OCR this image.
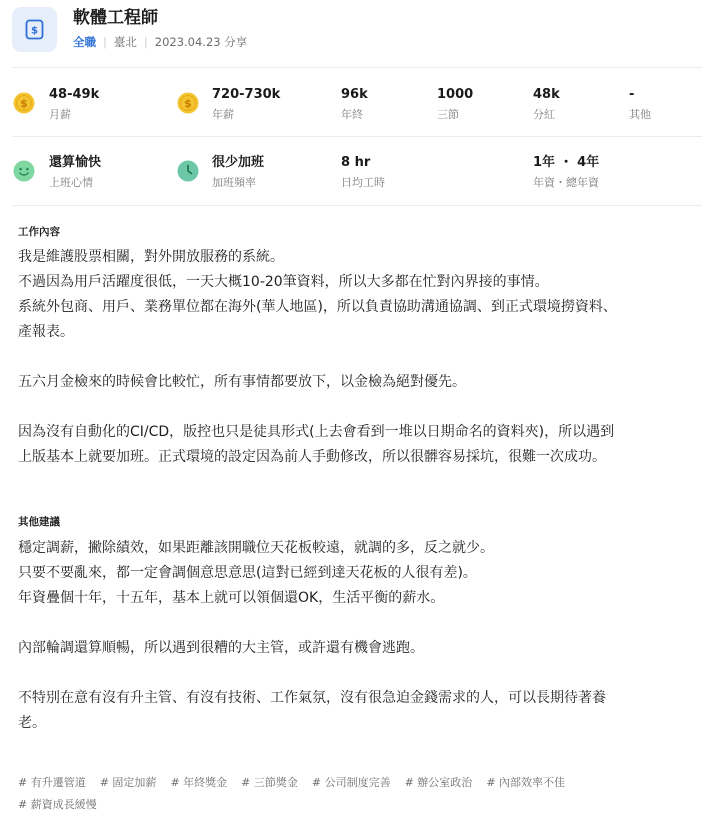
$
軟體工程師
全職 | 臺北 | 2023.04.23 分享
$
48-49k
月薪
$
720-730k
年薪
96k
年終
1000
三節
48k
分紅
-
其他
還算愉快
上班心情
很少加班
加班頻率
8 hr
日均工時
1年 ・ 4年
年資・總年資
工作內容
我是維護股票相關，對外開放服務的系統。
不過因為用戶活躍度很低，一天大概10-20筆資料，所以大多都在忙對內界接的事情。
系統外包商、用戶、業務單位都在海外(華人地區)，所以負責協助溝通協調、到正式環境撈資料、
產報表。
五六月金檢來的時候會比較忙，所有事情都要放下，以金檢為絕對優先。
因為沒有自動化的CI/CD，版控也只是徒具形式(上去會看到一堆以日期命名的資料夾)，所以遇到
上版基本上就要加班。正式環境的設定因為前人手動修改，所以很髒容易採坑，很難一次成功。
其他建議
穩定調薪，撇除績效，如果距離該開職位天花板較遠，就調的多，反之就少。
只要不要亂來，都一定會調個意思意思(這對已經到達天花板的人很有差)。
年資疊個十年，十五年，基本上就可以領個還OK，生活平衡的薪水。
內部輪調還算順暢，所以遇到很糟的大主管，或許還有機會逃跑。
不特別在意有沒有升主管、有沒有技術、工作氣氛，沒有很急迫金錢需求的人，可以長期待著養
老。
# 有升遷管道 # 固定加薪 # 年終獎金 # 三節獎金 # 公司制度完善 # 辦公室政治 # 內部效率不佳
# 薪資成長緩慢
